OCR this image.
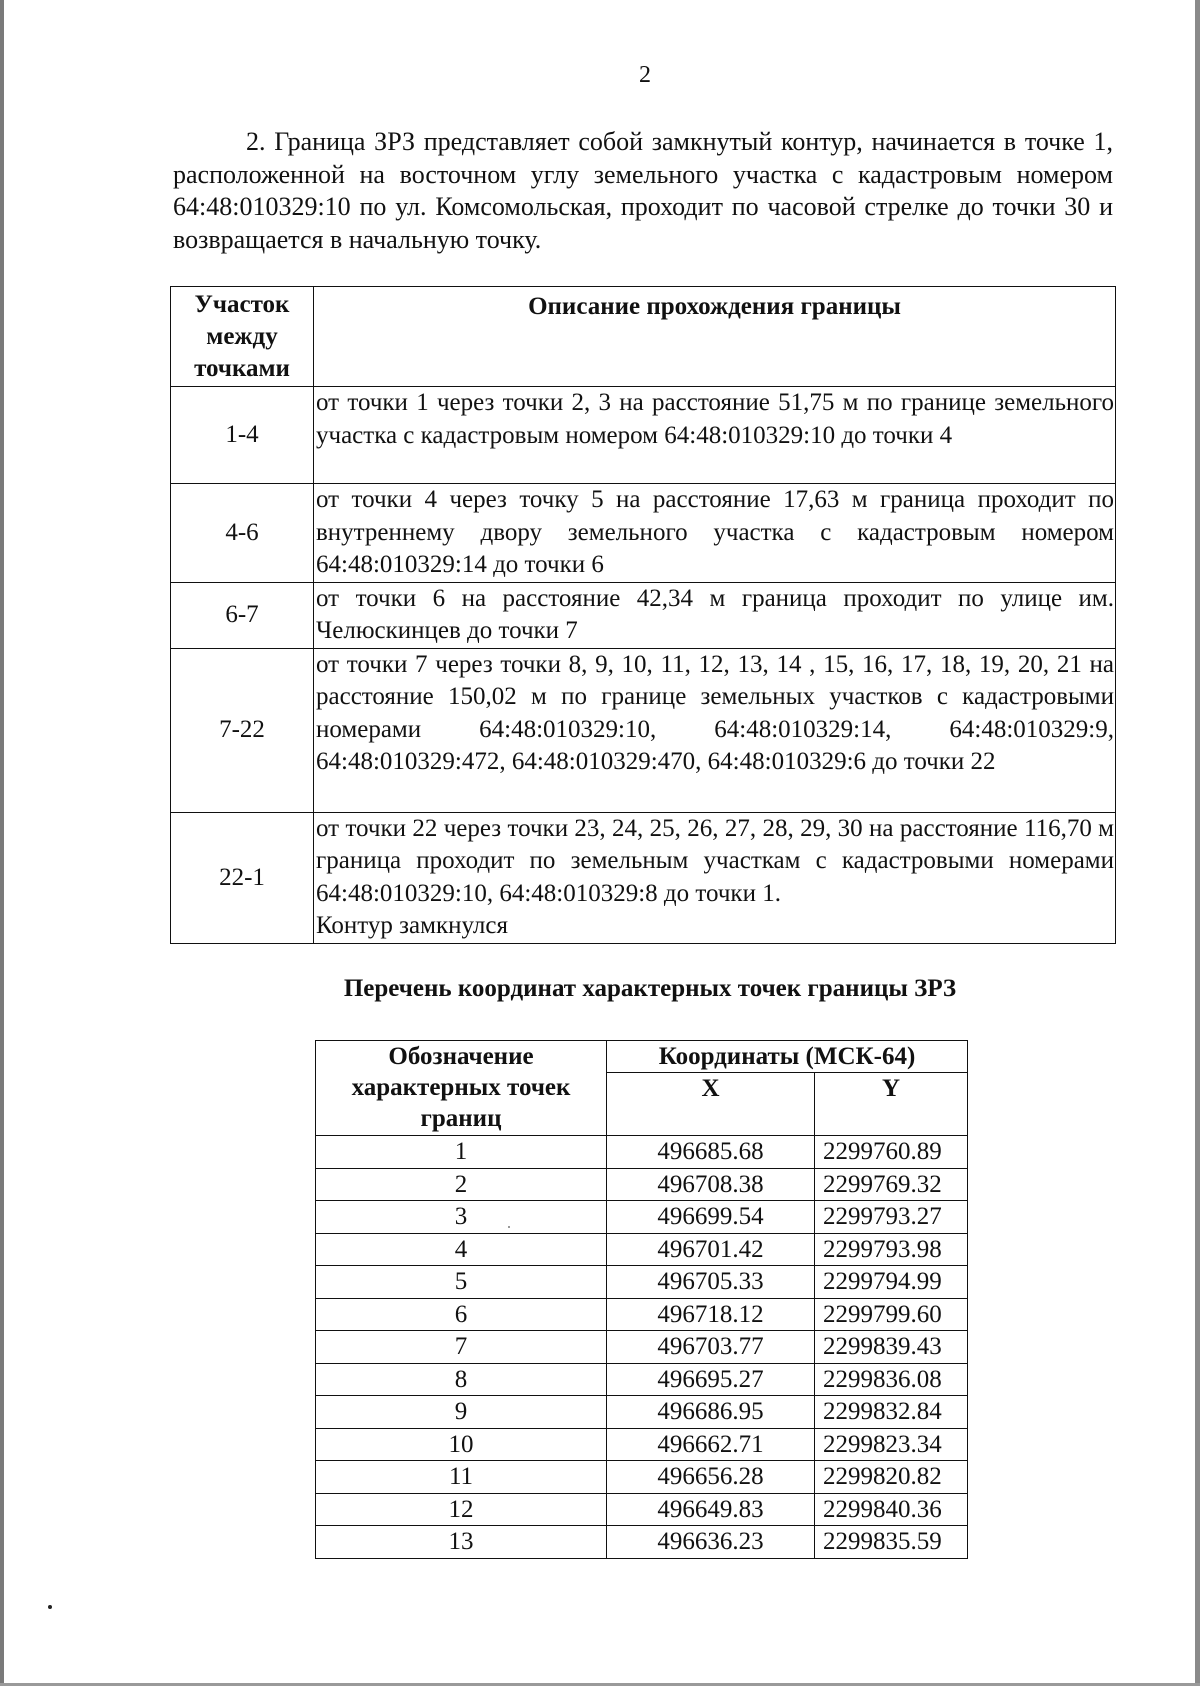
2

2. Граница ЗРЗ представляет собой замкнутый контур, начинается в точке 1, расположенной на восточном углу земельного участка с кадастровым номером 64:48:010329:10 по ул. Комсомольская, проходит по часовой стрелке до точки 30 и возвращается в начальную точку.

Участок между точками	Описание прохождения границы
1-4	от точки 1 через точки 2, 3 на расстояние 51,75 м по границе земельного участка с кадастровым номером 64:48:010329:10 до точки 4
4-6	от точки 4 через точку 5 на расстояние 17,63 м граница проходит по внутреннему двору земельного участка с кадастровым номером 64:48:010329:14 до точки 6
6-7	от точки 6 на расстояние 42,34 м граница проходит по улице им. Челюскинцев до точки 7
7-22	от точки 7 через точки 8, 9, 10, 11, 12, 13, 14 , 15, 16, 17, 18, 19, 20, 21 на расстояние 150,02 м по границе земельных участков с кадастровыми номерами 64:48:010329:10, 64:48:010329:14, 64:48:010329:9, 64:48:010329:472, 64:48:010329:470, 64:48:010329:6 до точки 22
22-1	от точки 22 через точки 23, 24, 25, 26, 27, 28, 29, 30 на расстояние 116,70 м граница проходит по земельным участкам с кадастровыми номерами 64:48:010329:10, 64:48:010329:8 до точки 1.
Контур замкнулся
Перечень координат характерных точек границы ЗРЗ
Обозначение характерных точек границ	Координаты (МСК-64)	
	X	Y
1	496685.68	2299760.89
2	496708.38	2299769.32
3	496699.54	2299793.27
4	496701.42	2299793.98
5	496705.33	2299794.99
6	496718.12	2299799.60
7	496703.77	2299839.43
8	496695.27	2299836.08
9	496686.95	2299832.84
10	496662.71	2299823.34
11	496656.28	2299820.82
12	496649.83	2299840.36
13	496636.23	2299835.59
